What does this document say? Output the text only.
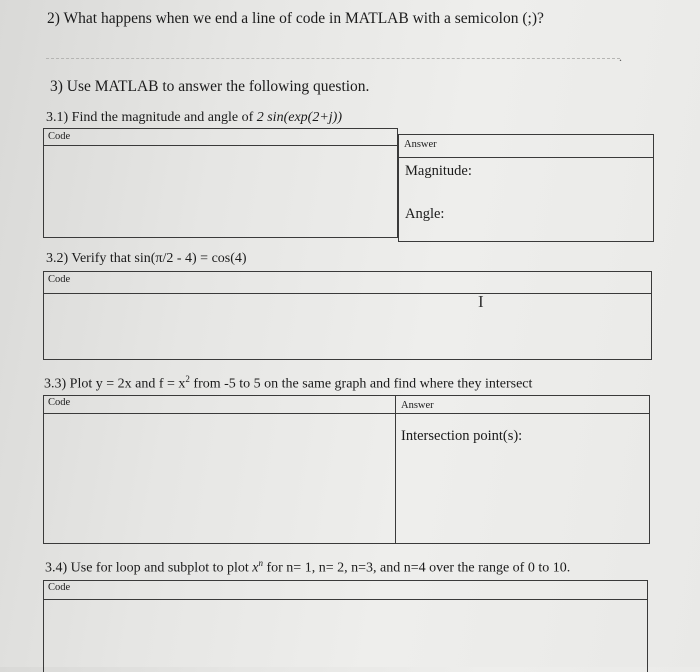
2) What happens when we end a line of code in MATLAB with a semicolon (;)?
.
3) Use MATLAB to answer the following question.
3.1) Find the magnitude and angle of 2 sin(exp(2+j))
Code
Answer
Magnitude:
Angle:
3.2) Verify that sin(π/2 - 4) = cos(4)
Code
I
3.3) Plot y = 2x and $f = x^2$ from -5 to 5 on the same graph and find where they intersect
Code	Answer
Intersection point(s):
3.4) Use for loop and subplot to plot $x^n$ for n= 1, n= 2, n=3, and n=4 over the range of 0 to 10.
Code
